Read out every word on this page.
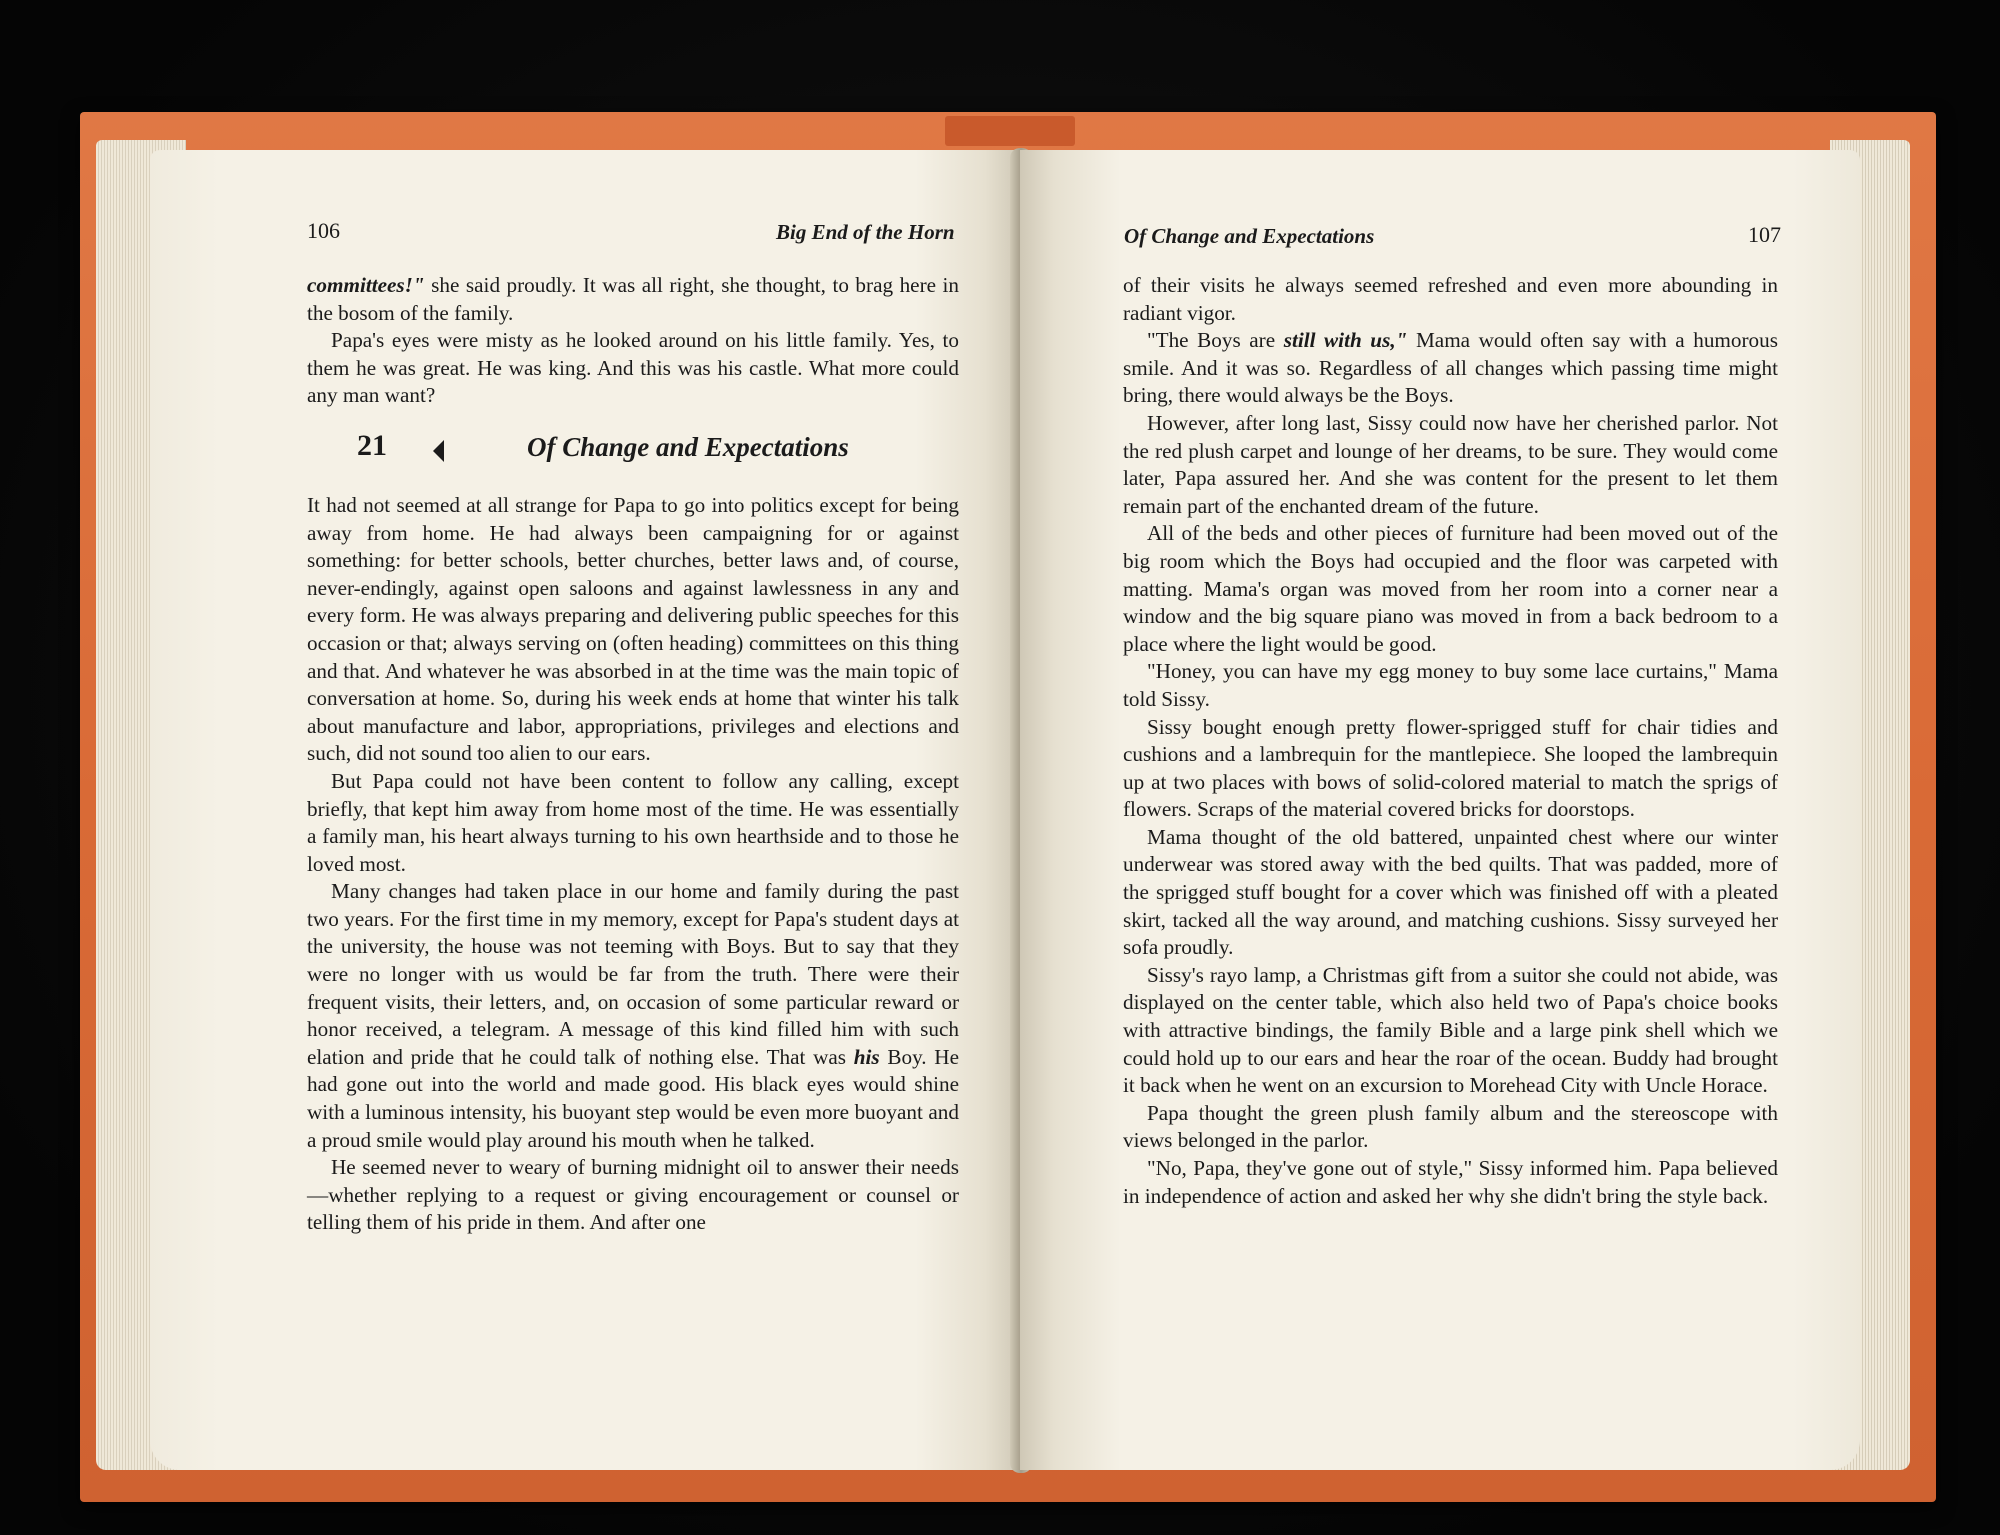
106	Big End of the Horn

committees!" she said proudly. It was all right, she thought, to brag here in the bosom of the family.

Papa's eyes were misty as he looked around on his little family. Yes, to them he was great. He was king. And this was his castle. What more could any man want?

21	Of Change and Expectations

It had not seemed at all strange for Papa to go into politics except for being away from home. He had always been campaigning for or against something: for better schools, better churches, better laws and, of course, never-endingly, against open saloons and against lawlessness in any and every form. He was always preparing and delivering public speeches for this occasion or that; always serving on (often heading) committees on this thing and that. And whatever he was absorbed in at the time was the main topic of conversation at home. So, during his week ends at home that winter his talk about manufacture and labor, appropriations, privileges and elections and such, did not sound too alien to our ears.

But Papa could not have been content to follow any calling, except briefly, that kept him away from home most of the time. He was essentially a family man, his heart always turning to his own hearthside and to those he loved most.

Many changes had taken place in our home and family during the past two years. For the first time in my memory, except for Papa's student days at the university, the house was not teeming with Boys. But to say that they were no longer with us would be far from the truth. There were their frequent visits, their letters, and, on occasion of some particular reward or honor received, a telegram. A message of this kind filled him with such elation and pride that he could talk of nothing else. That was his Boy. He had gone out into the world and made good. His black eyes would shine with a luminous intensity, his buoyant step would be even more buoyant and a proud smile would play around his mouth when he talked.

He seemed never to weary of burning midnight oil to answer their needs—whether replying to a request or giving encouragement or counsel or telling them of his pride in them. And after one

Of Change and Expectations	107

of their visits he always seemed refreshed and even more abounding in radiant vigor.

"The Boys are still with us," Mama would often say with a humorous smile. And it was so. Regardless of all changes which passing time might bring, there would always be the Boys.

However, after long last, Sissy could now have her cherished parlor. Not the red plush carpet and lounge of her dreams, to be sure. They would come later, Papa assured her. And she was content for the present to let them remain part of the enchanted dream of the future.

All of the beds and other pieces of furniture had been moved out of the big room which the Boys had occupied and the floor was carpeted with matting. Mama's organ was moved from her room into a corner near a window and the big square piano was moved in from a back bedroom to a place where the light would be good.

"Honey, you can have my egg money to buy some lace curtains," Mama told Sissy.

Sissy bought enough pretty flower-sprigged stuff for chair tidies and cushions and a lambrequin for the mantlepiece. She looped the lambrequin up at two places with bows of solid-colored material to match the sprigs of flowers. Scraps of the material covered bricks for doorstops.

Mama thought of the old battered, unpainted chest where our winter underwear was stored away with the bed quilts. That was padded, more of the sprigged stuff bought for a cover which was finished off with a pleated skirt, tacked all the way around, and matching cushions. Sissy surveyed her sofa proudly.

Sissy's rayo lamp, a Christmas gift from a suitor she could not abide, was displayed on the center table, which also held two of Papa's choice books with attractive bindings, the family Bible and a large pink shell which we could hold up to our ears and hear the roar of the ocean. Buddy had brought it back when he went on an excursion to Morehead City with Uncle Horace.

Papa thought the green plush family album and the stereoscope with views belonged in the parlor.

"No, Papa, they've gone out of style," Sissy informed him. Papa believed in independence of action and asked her why she didn't bring the style back.
